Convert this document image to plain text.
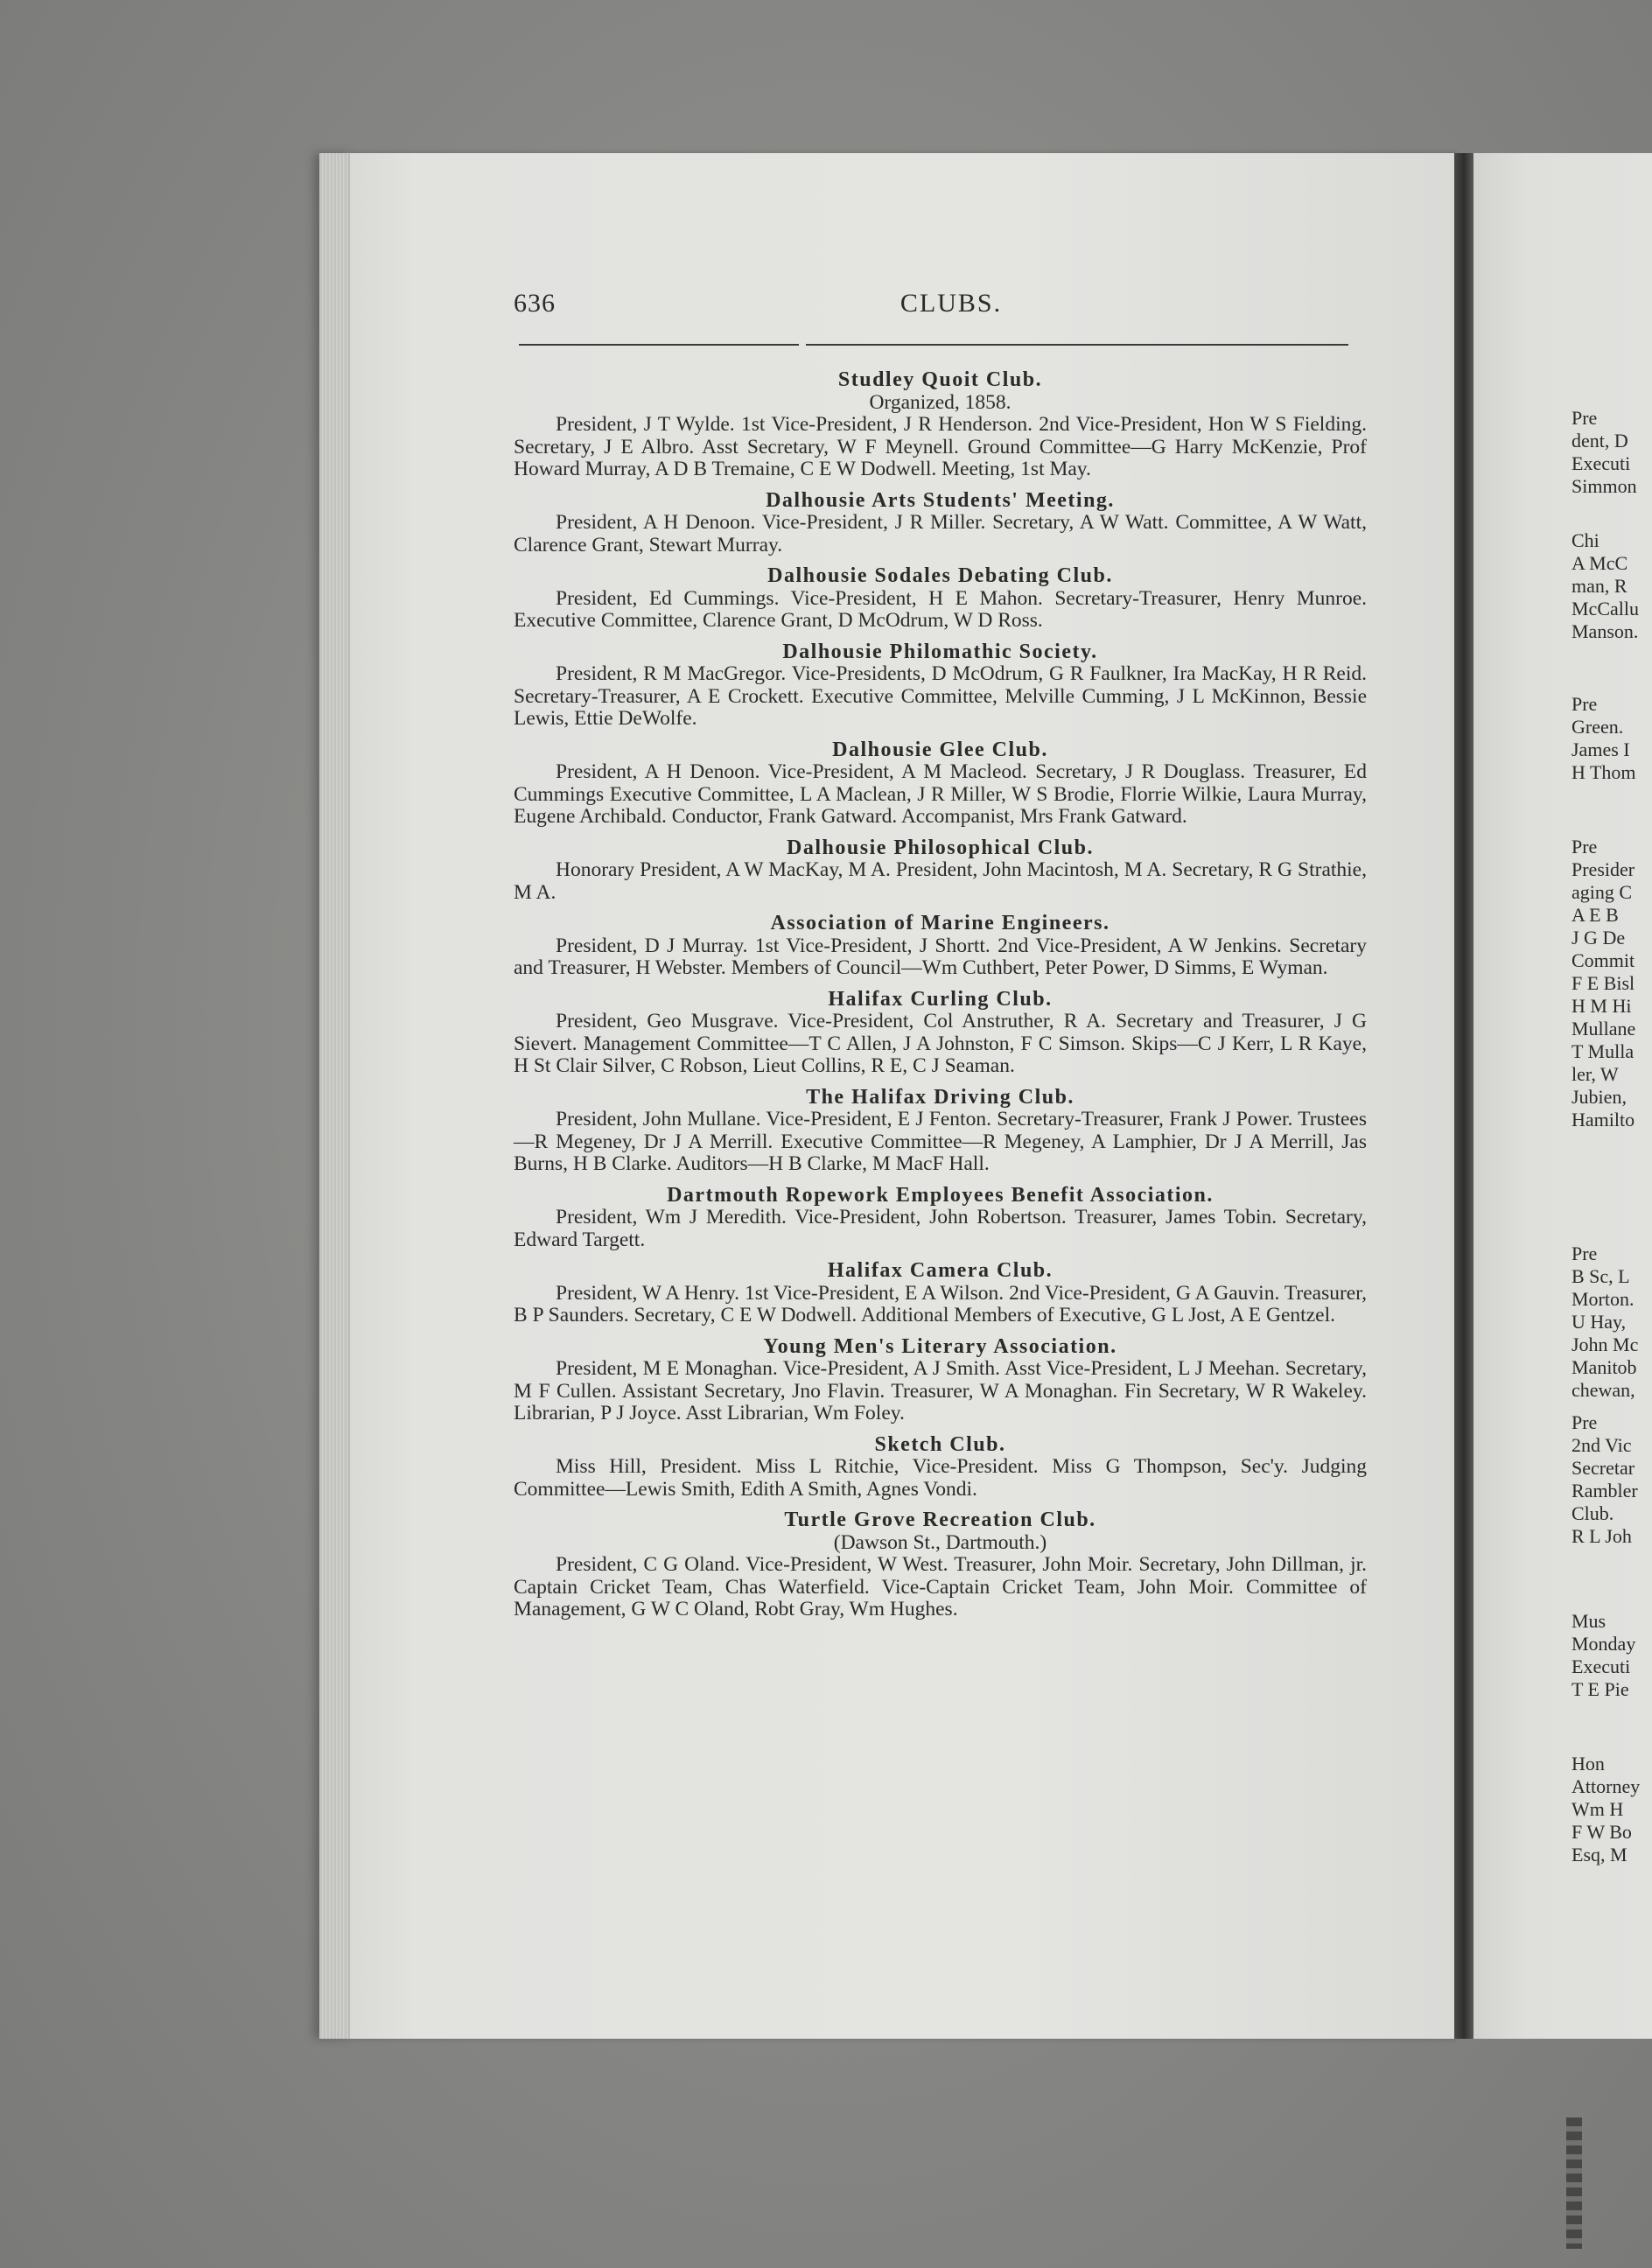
636	CLUBS.
Studley Quoit Club.
Organized, 1858.
President, J T Wylde. 1st Vice-President, J R Henderson. 2nd Vice-President, Hon W S Fielding. Secretary, J E Albro. Asst Secretary, W F Meynell. Ground Committee—G Harry McKenzie, Prof Howard Murray, A D B Tremaine, C E W Dodwell. Meeting, 1st May.
Dalhousie Arts Students' Meeting.
President, A H Denoon. Vice-President, J R Miller. Secretary, A W Watt. Committee, A W Watt, Clarence Grant, Stewart Murray.
Dalhousie Sodales Debating Club.
President, Ed Cummings. Vice-President, H E Mahon. Secretary-Treasurer, Henry Munroe. Executive Committee, Clarence Grant, D McOdrum, W D Ross.
Dalhousie Philomathic Society.
President, R M MacGregor. Vice-Presidents, D McOdrum, G R Faulkner, Ira MacKay, H R Reid. Secretary-Treasurer, A E Crockett. Executive Committee, Melville Cumming, J L McKinnon, Bessie Lewis, Ettie DeWolfe.
Dalhousie Glee Club.
President, A H Denoon. Vice-President, A M Macleod. Secretary, J R Douglass. Treasurer, Ed Cummings Executive Committee, L A Maclean, J R Miller, W S Brodie, Florrie Wilkie, Laura Murray, Eugene Archibald. Conductor, Frank Gatward. Accompanist, Mrs Frank Gatward.
Dalhousie Philosophical Club.
Honorary President, A W MacKay, M A. President, John Macintosh, M A. Secretary, R G Strathie, M A.
Association of Marine Engineers.
President, D J Murray. 1st Vice-President, J Shortt. 2nd Vice-President, A W Jenkins. Secretary and Treasurer, H Webster. Members of Council—Wm Cuthbert, Peter Power, D Simms, E Wyman.
Halifax Curling Club.
President, Geo Musgrave. Vice-President, Col Anstruther, R A. Secretary and Treasurer, J G Sievert. Management Committee—T C Allen, J A Johnston, F C Simson. Skips—C J Kerr, L R Kaye, H St Clair Silver, C Robson, Lieut Collins, R E, C J Seaman.
The Halifax Driving Club.
President, John Mullane. Vice-President, E J Fenton. Secretary-Treasurer, Frank J Power. Trustees—R Megeney, Dr J A Merrill. Executive Committee—R Megeney, A Lamphier, Dr J A Merrill, Jas Burns, H B Clarke. Auditors—H B Clarke, M MacF Hall.
Dartmouth Ropework Employees Benefit Association.
President, Wm J Meredith. Vice-President, John Robertson. Treasurer, James Tobin. Secretary, Edward Targett.
Halifax Camera Club.
President, W A Henry. 1st Vice-President, E A Wilson. 2nd Vice-President, G A Gauvin. Treasurer, B P Saunders. Secretary, C E W Dodwell. Additional Members of Executive, G L Jost, A E Gentzel.
Young Men's Literary Association.
President, M E Monaghan. Vice-President, A J Smith. Asst Vice-President, L J Meehan. Secretary, M F Cullen. Assistant Secretary, Jno Flavin. Treasurer, W A Monaghan. Fin Secretary, W R Wakeley. Librarian, P J Joyce. Asst Librarian, Wm Foley.
Sketch Club.
Miss Hill, President. Miss L Ritchie, Vice-President. Miss G Thompson, Sec'y. Judging Committee—Lewis Smith, Edith A Smith, Agnes Vondi.
Turtle Grove Recreation Club.
(Dawson St., Dartmouth.)
President, C G Oland. Vice-President, W West. Treasurer, John Moir. Secretary, John Dillman, jr. Captain Cricket Team, Chas Waterfield. Vice-Captain Cricket Team, John Moir. Committee of Management, G W C Oland, Robt Gray, Wm Hughes.
Pre
dent, D
Executi
Simmon
Chi
A McC
man, R
McCallu
Manson.
Pre
Green.
James I
H Thom
Pre
Presider
aging C
A E B
J G De
Commit
F E Bisl
H M Hi
Mullane
T Mulla
ler, W
Jubien,
Hamilto
Pre
B Sc, L
Morton.
U Hay,
John Mc
Manitob
chewan,
Pre
2nd Vic
Secretar
Rambler
Club.
R L Joh
Mus
Monday
Executi
T E Pie
Hon
Attorney
Wm H
F W Bo
Esq, M
